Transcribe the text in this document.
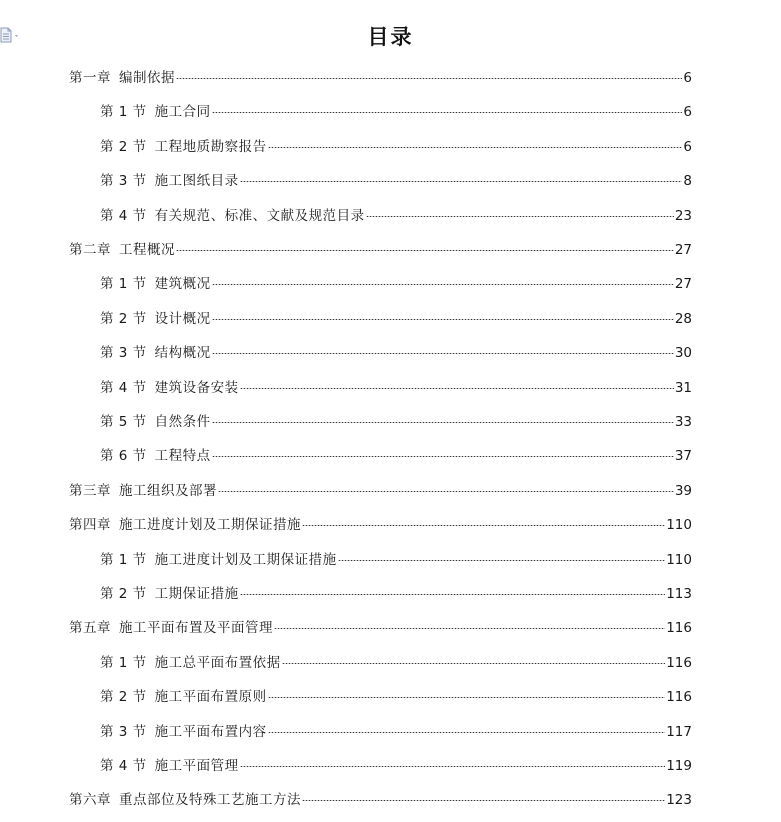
目录
第一章 编制依据	6
第 1 节 施工合同	6
第 2 节 工程地质勘察报告	6
第 3 节 施工图纸目录	8
第 4 节 有关规范、标准、文献及规范目录	23
第二章 工程概况	27
第 1 节 建筑概况	27
第 2 节 设计概况	28
第 3 节 结构概况	30
第 4 节 建筑设备安装	31
第 5 节 自然条件	33
第 6 节 工程特点	37
第三章 施工组织及部署	39
第四章 施工进度计划及工期保证措施	110
第 1 节 施工进度计划及工期保证措施	110
第 2 节 工期保证措施	113
第五章 施工平面布置及平面管理	116
第 1 节 施工总平面布置依据	116
第 2 节 施工平面布置原则	116
第 3 节 施工平面布置内容	117
第 4 节 施工平面管理	119
第六章 重点部位及特殊工艺施工方法	123
